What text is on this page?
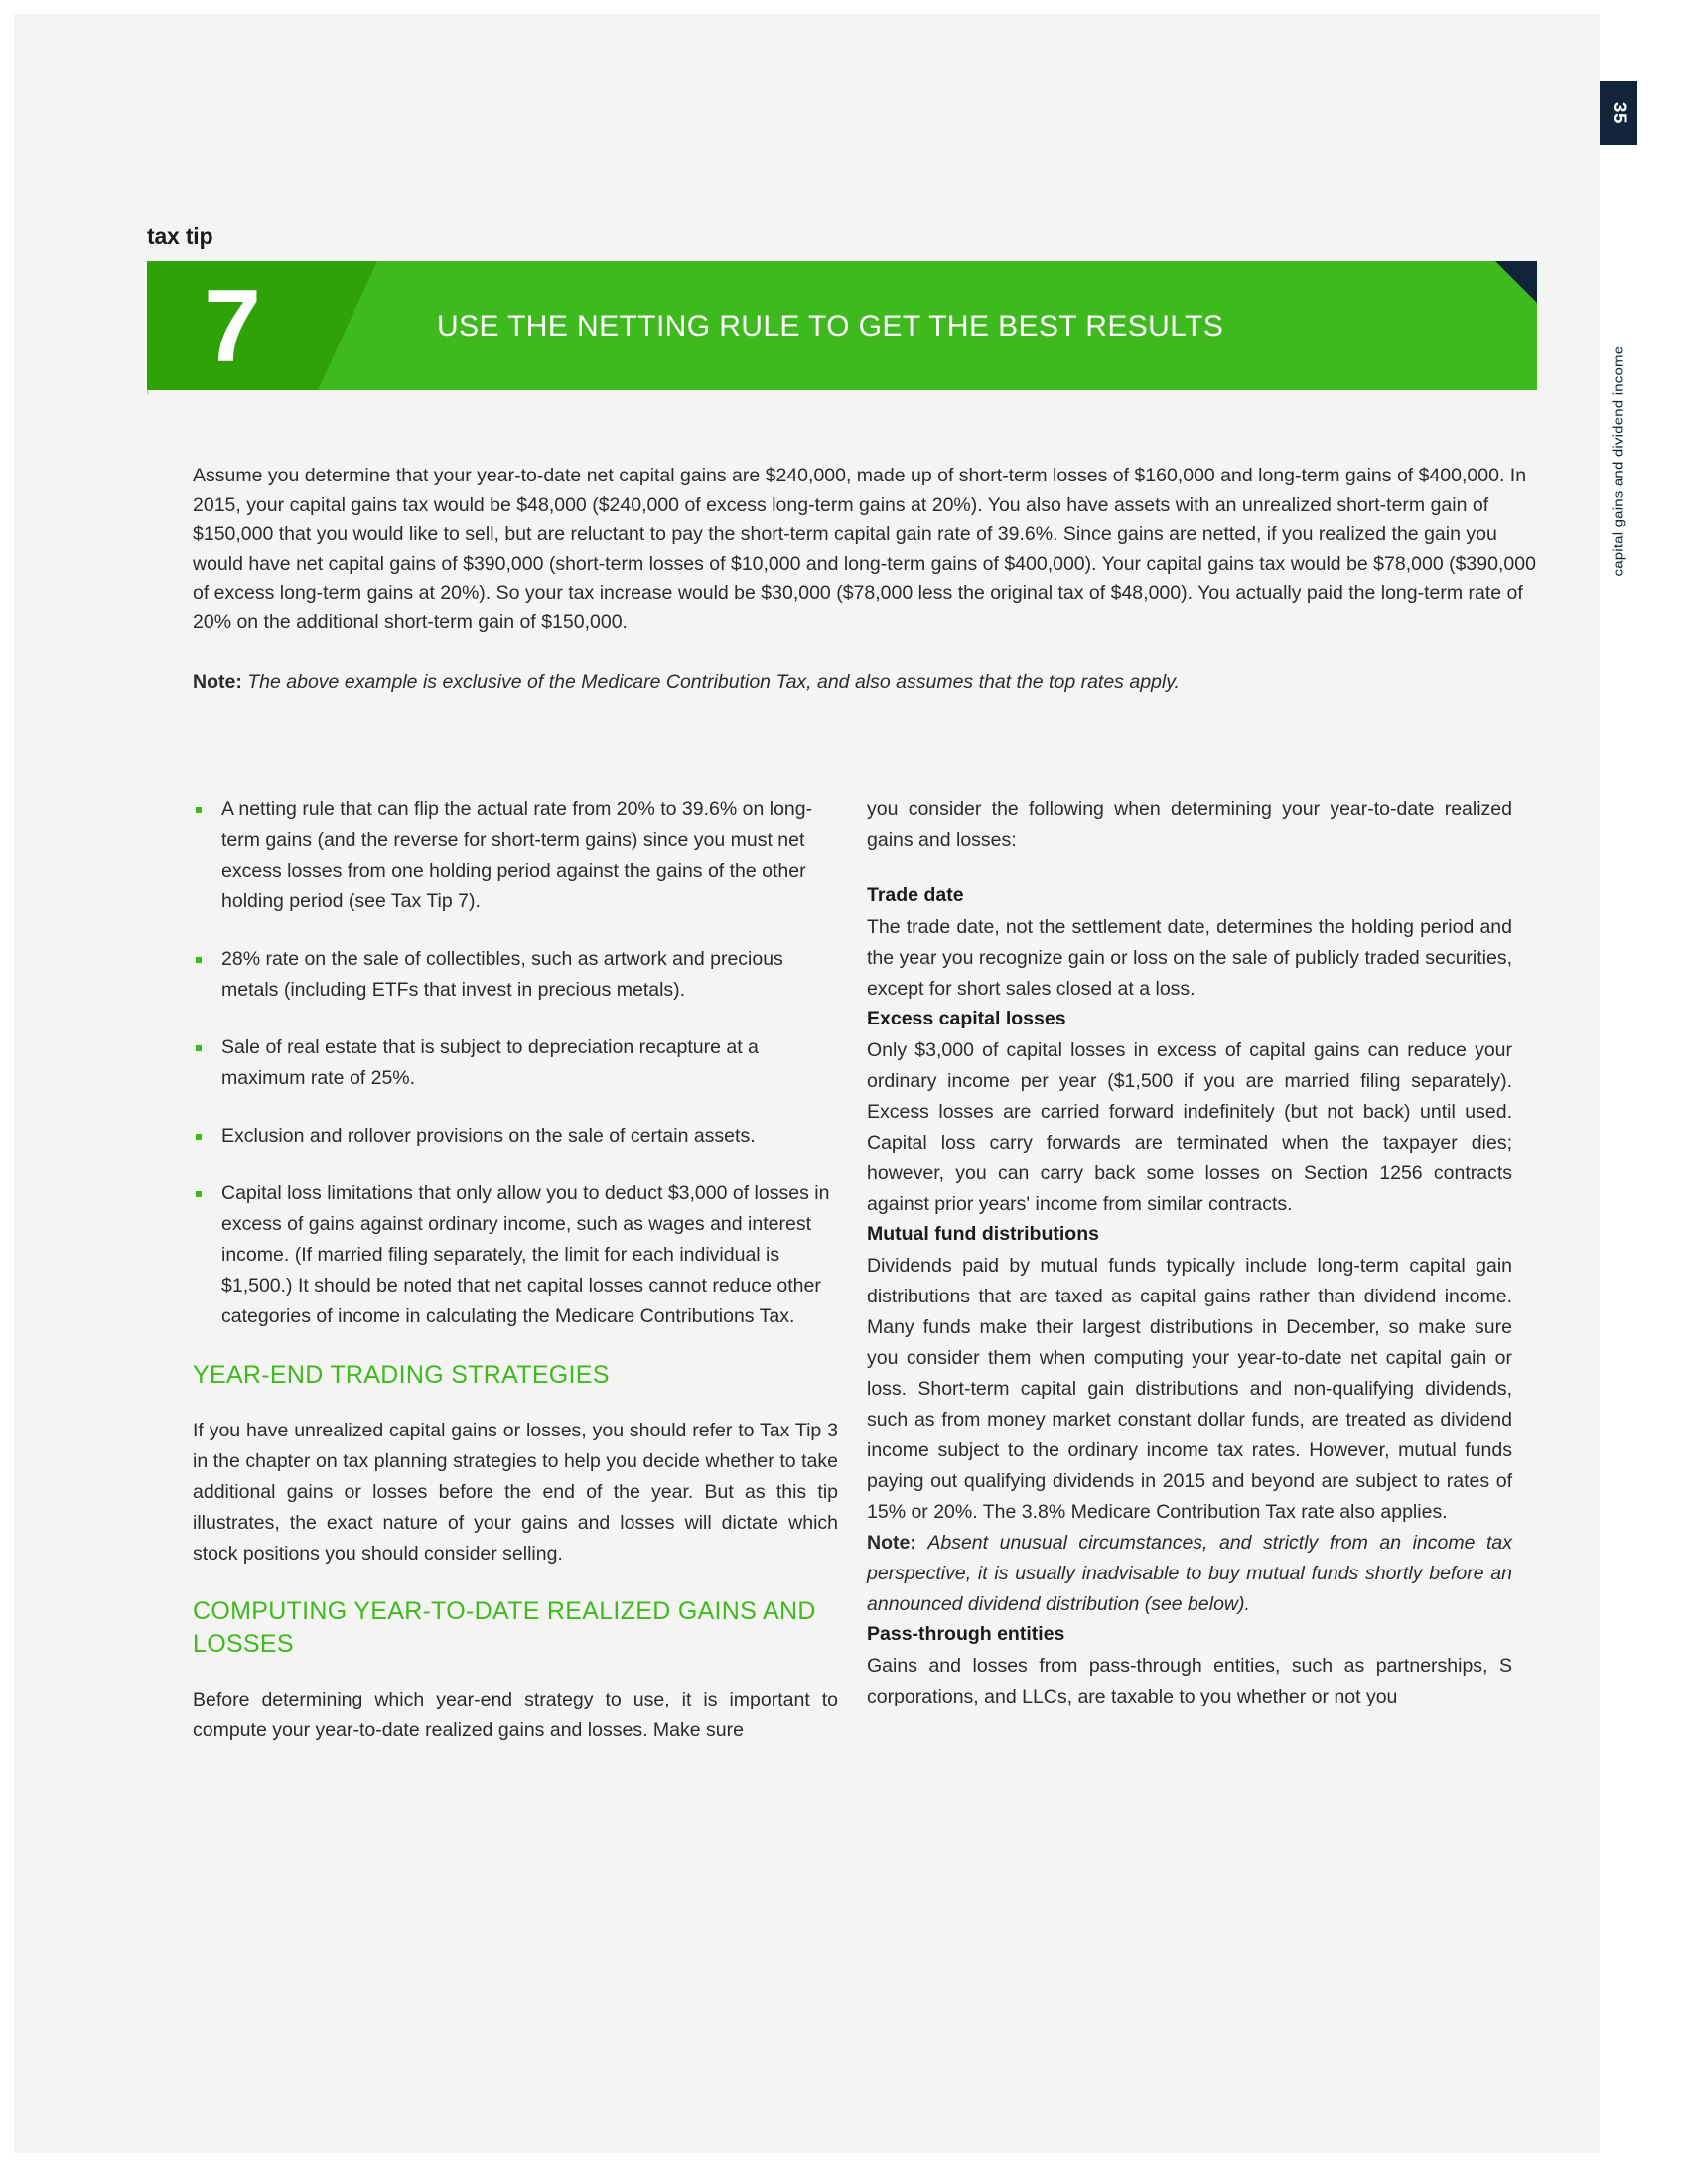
35
capital gains and dividend income
tax tip
7	USE THE NETTING RULE TO GET THE BEST RESULTS
Assume you determine that your year-to-date net capital gains are $240,000, made up of short-term losses of $160,000 and long-term gains of $400,000. In 2015, your capital gains tax would be $48,000 ($240,000 of excess long-term gains at 20%). You also have assets with an unrealized short-term gain of $150,000 that you would like to sell, but are reluctant to pay the short-term capital gain rate of 39.6%. Since gains are netted, if you realized the gain you would have net capital gains of $390,000 (short-term losses of $10,000 and long-term gains of $400,000). Your capital gains tax would be $78,000 ($390,000 of excess long-term gains at 20%). So your tax increase would be $30,000 ($78,000 less the original tax of $48,000). You actually paid the long-term rate of 20% on the additional short-term gain of $150,000.
Note: The above example is exclusive of the Medicare Contribution Tax, and also assumes that the top rates apply.
A netting rule that can flip the actual rate from 20% to 39.6% on long-term gains (and the reverse for short-term gains) since you must net excess losses from one holding period against the gains of the other holding period (see Tax Tip 7).
28% rate on the sale of collectibles, such as artwork and precious metals (including ETFs that invest in precious metals).
Sale of real estate that is subject to depreciation recapture at a maximum rate of 25%.
Exclusion and rollover provisions on the sale of certain assets.
Capital loss limitations that only allow you to deduct $3,000 of losses in excess of gains against ordinary income, such as wages and interest income. (If married filing separately, the limit for each individual is $1,500.) It should be noted that net capital losses cannot reduce other categories of income in calculating the Medicare Contributions Tax.
YEAR-END TRADING STRATEGIES

If you have unrealized capital gains or losses, you should refer to Tax Tip 3 in the chapter on tax planning strategies to help you decide whether to take additional gains or losses before the end of the year. But as this tip illustrates, the exact nature of your gains and losses will dictate which stock positions you should consider selling.

COMPUTING YEAR-TO-DATE REALIZED GAINS AND LOSSES

Before determining which year-end strategy to use, it is important to compute your year-to-date realized gains and losses. Make sure

you consider the following when determining your year-to-date realized gains and losses:

Trade date

The trade date, not the settlement date, determines the holding period and the year you recognize gain or loss on the sale of publicly traded securities, except for short sales closed at a loss.

Excess capital losses

Only $3,000 of capital losses in excess of capital gains can reduce your ordinary income per year ($1,500 if you are married filing separately). Excess losses are carried forward indefinitely (but not back) until used. Capital loss carry forwards are terminated when the taxpayer dies; however, you can carry back some losses on Section 1256 contracts against prior years' income from similar contracts.

Mutual fund distributions

Dividends paid by mutual funds typically include long-term capital gain distributions that are taxed as capital gains rather than dividend income. Many funds make their largest distributions in December, so make sure you consider them when computing your year-to-date net capital gain or loss. Short-term capital gain distributions and non-qualifying dividends, such as from money market constant dollar funds, are treated as dividend income subject to the ordinary income tax rates. However, mutual funds paying out qualifying dividends in 2015 and beyond are subject to rates of 15% or 20%. The 3.8% Medicare Contribution Tax rate also applies.

Note: Absent unusual circumstances, and strictly from an income tax perspective, it is usually inadvisable to buy mutual funds shortly before an announced dividend distribution (see below).

Pass-through entities

Gains and losses from pass-through entities, such as partnerships, S corporations, and LLCs, are taxable to you whether or not you
